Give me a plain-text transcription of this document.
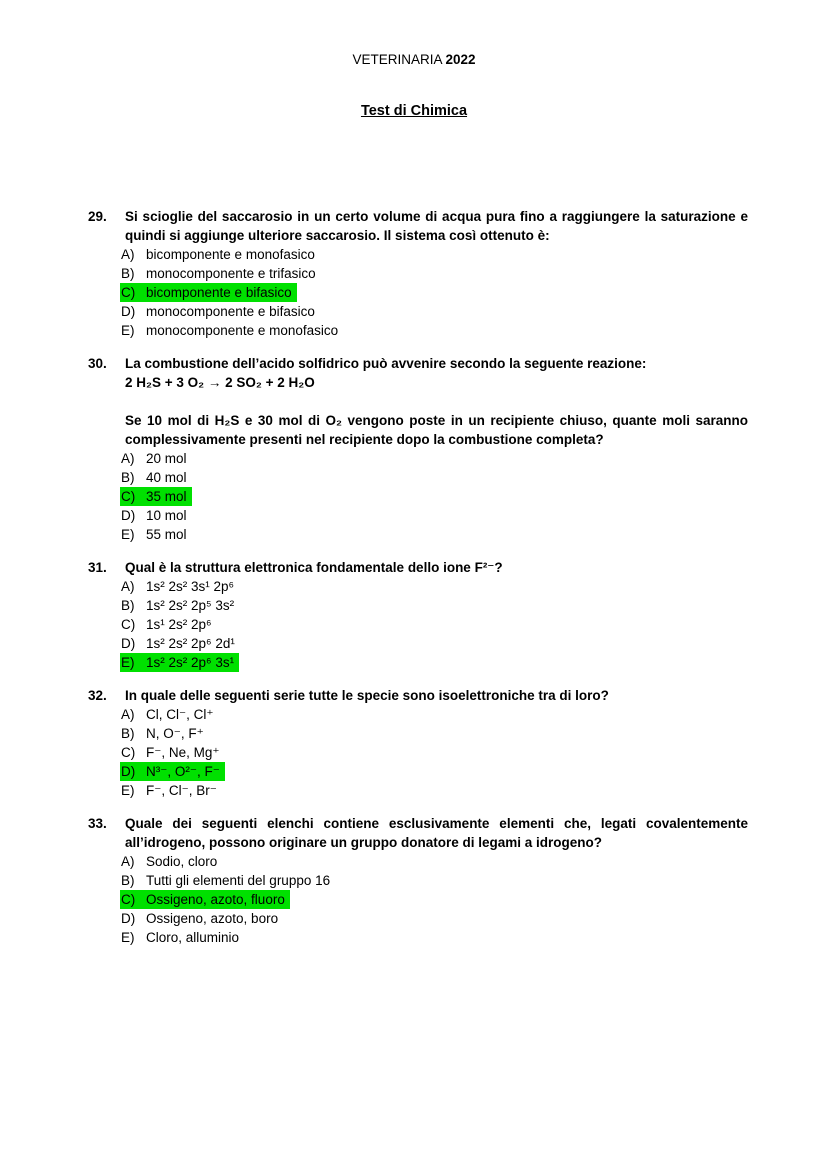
VETERINARIA 2022
Test di Chimica
29.	Si scioglie del saccarosio in un certo volume di acqua pura fino a raggiungere la saturazione e quindi si aggiunge ulteriore saccarosio. Il sistema così ottenuto è:
A) bicomponente e monofasico
B) monocomponente e trifasico
C) bicomponente e bifasico
D) monocomponente e bifasico
E) monocomponente e monofasico
30.	La combustione dell’acido solfidrico può avvenire secondo la seguente reazione:
2 H₂S + 3 O₂ → 2 SO₂ + 2 H₂O
Se 10 mol di H₂S e 30 mol di O₂ vengono poste in un recipiente chiuso, quante moli saranno complessivamente presenti nel recipiente dopo la combustione completa?
A) 20 mol
B) 40 mol
C) 35 mol
D) 10 mol
E) 55 mol
31.	Qual è la struttura elettronica fondamentale dello ione F²⁻?
A) 1s² 2s² 3s¹ 2p⁶
B) 1s² 2s² 2p⁵ 3s²
C) 1s¹ 2s² 2p⁶
D) 1s² 2s² 2p⁶ 2d¹
E) 1s² 2s² 2p⁶ 3s¹
32.	In quale delle seguenti serie tutte le specie sono isoelettroniche tra di loro?
A) Cl, Cl⁻, Cl⁺
B) N, O⁻, F⁺
C) F⁻, Ne, Mg⁺
D) N³⁻, O²⁻, F⁻
E) F⁻, Cl⁻, Br⁻
33.	Quale dei seguenti elenchi contiene esclusivamente elementi che, legati covalentemente all’idrogeno, possono originare un gruppo donatore di legami a idrogeno?
A) Sodio, cloro
B) Tutti gli elementi del gruppo 16
C) Ossigeno, azoto, fluoro
D) Ossigeno, azoto, boro
E) Cloro, alluminio
